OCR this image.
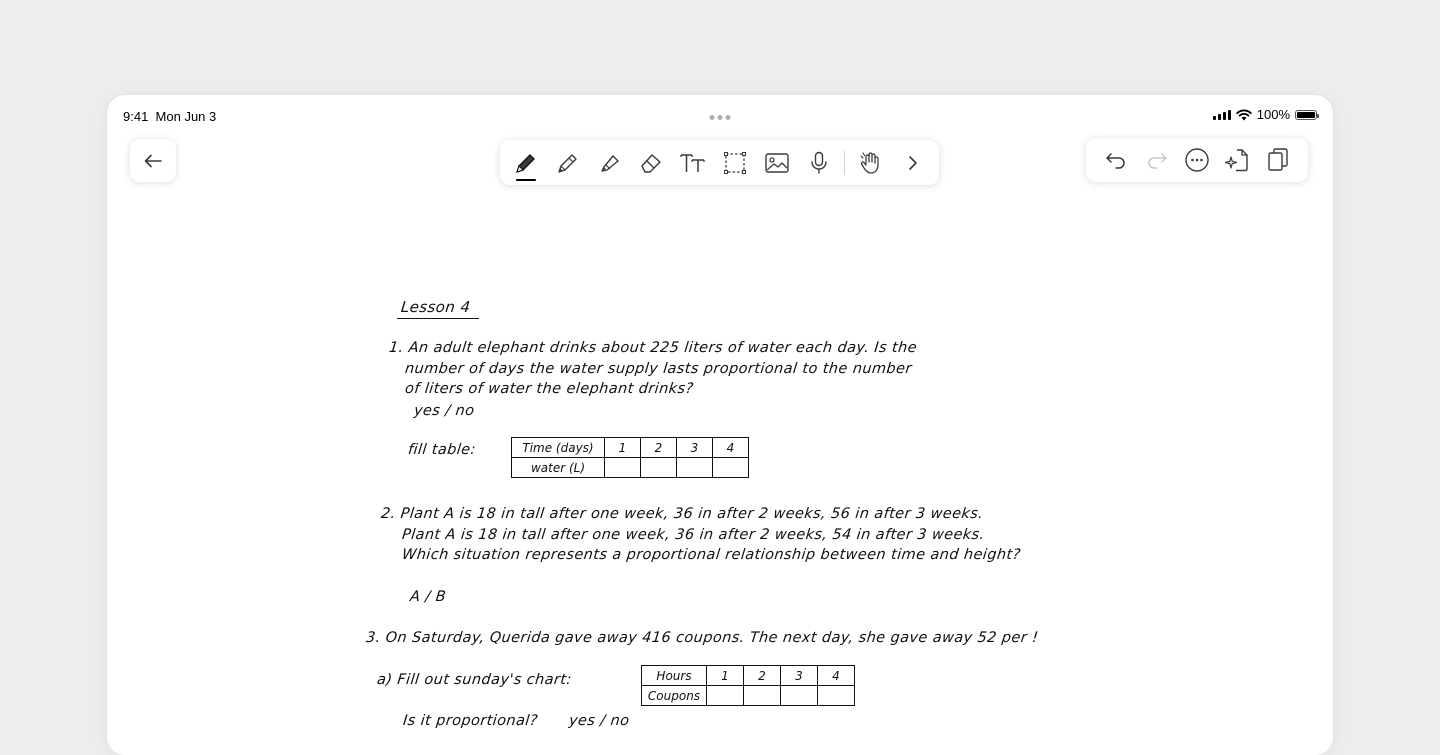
9:41 Mon Jun 3	100%
Lesson 4
1. An adult elephant drinks about 225 liters of water each day. Is the
number of days the water supply lasts proportional to the number
of liters of water the elephant drinks?
yes / no
fill table:	Time (days)	1	2	3	4
water (L)				
2. Plant A is 18 in tall after one week, 36 in after 2 weeks, 56 in after 3 weeks.
Plant A is 18 in tall after one week, 36 in after 2 weeks, 54 in after 3 weeks.
Which situation represents a proportional relationship between time and height?
A / B
3. On Saturday, Querida gave away 416 coupons. The next day, she gave away 52 per !
a) Fill out sunday's chart:	Hours	1	2	3	4
Coupons				
Is it proportional? yes / no
